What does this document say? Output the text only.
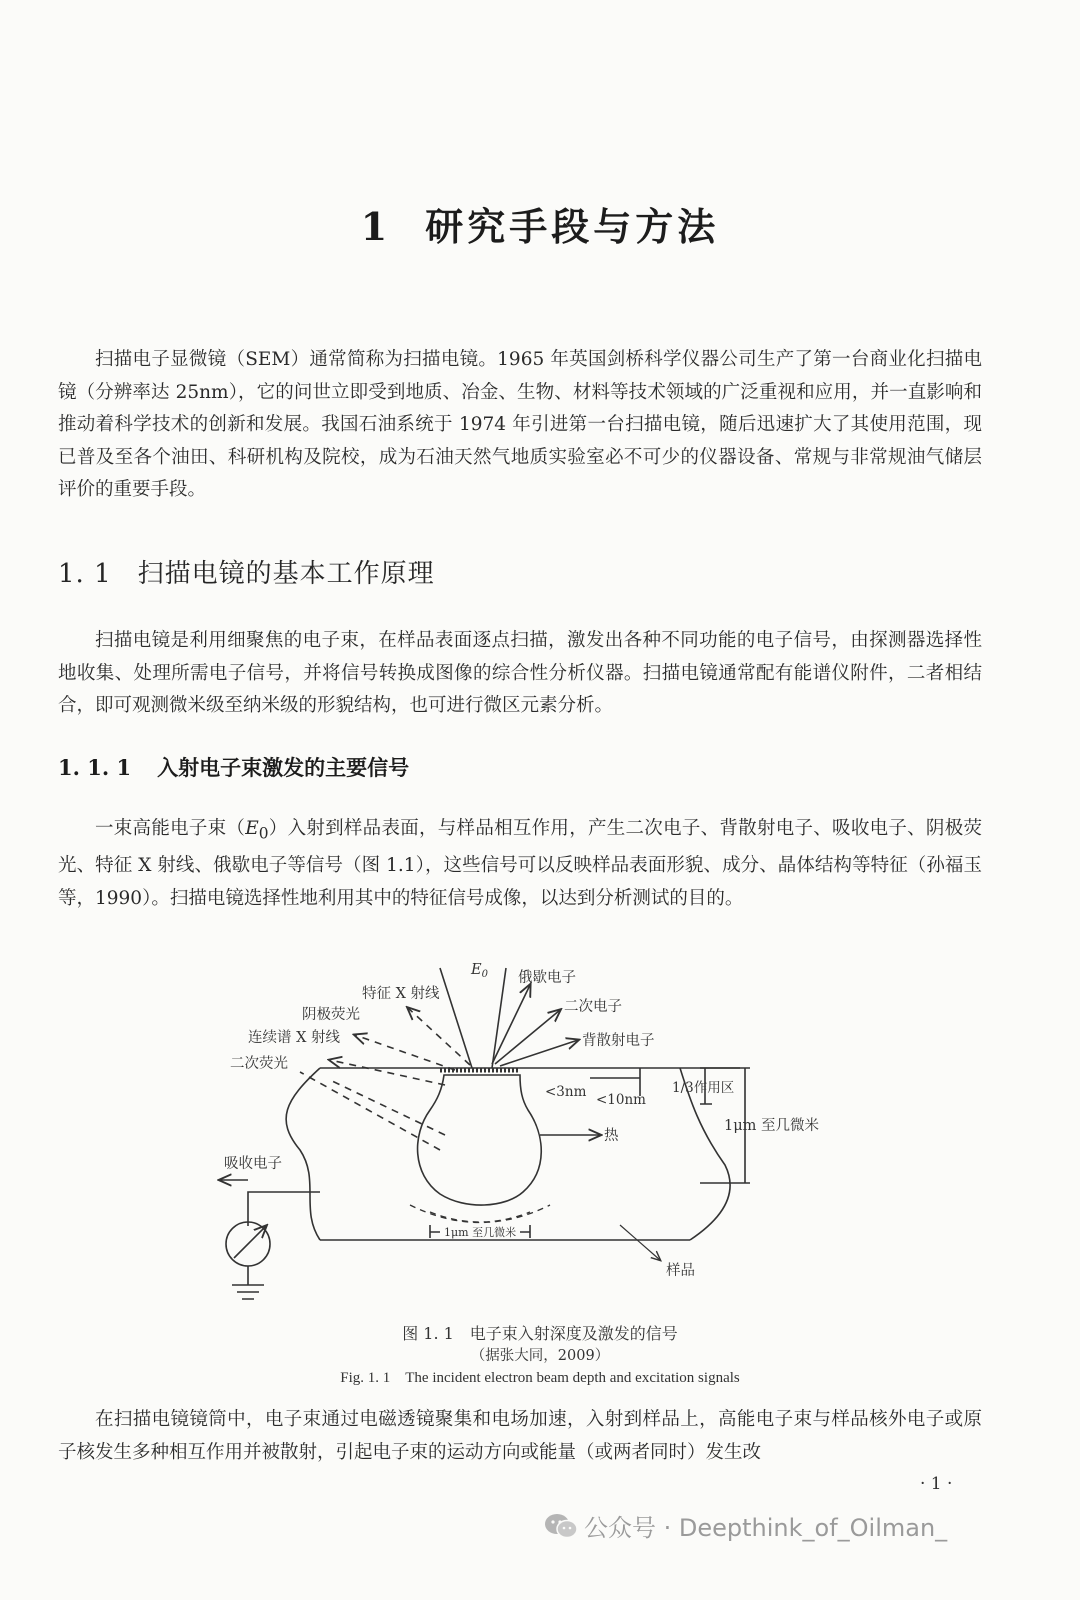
1 研究手段与方法

扫描电子显微镜（SEM）通常简称为扫描电镜。1965 年英国剑桥科学仪器公司生产了第一台商业化扫描电镜（分辨率达 25nm），它的问世立即受到地质、冶金、生物、材料等技术领域的广泛重视和应用，并一直影响和推动着科学技术的创新和发展。我国石油系统于 1974 年引进第一台扫描电镜，随后迅速扩大了其使用范围，现已普及至各个油田、科研机构及院校，成为石油天然气地质实验室必不可少的仪器设备、常规与非常规油气储层评价的重要手段。

1. 1 扫描电镜的基本工作原理

扫描电镜是利用细聚焦的电子束，在样品表面逐点扫描，激发出各种不同功能的电子信号，由探测器选择性地收集、处理所需电子信号，并将信号转换成图像的综合性分析仪器。扫描电镜通常配有能谱仪附件，二者相结合，即可观测微米级至纳米级的形貌结构，也可进行微区元素分析。

1. 1. 1 入射电子束激发的主要信号

一束高能电子束$(E_0)$入射到样品表面，与样品相互作用，产生二次电子、背散射电子、吸收电子、阴极荧光、特征 X 射线、俄歇电子等信号（图 1.1），这些信号可以反映样品表面形貌、成分、晶体结构等特征（孙福玉等，1990）。扫描电镜选择性地利用其中的特征信号成像，以达到分析测试的目的。

$E_0$ 俄歇电子
二次电子
背散射电子
特征 X 射线
阴极荧光
连续谱 X 射线
二次荧光
吸收电子
<3nm <10nm
1/3作用区
1μm 至几微米
热
1μm 至几微米
样品
图 1. 1　电子束入射深度及激发的信号
（据张大同，2009）
Fig. 1. 1　The incident electron beam depth and excitation signals

在扫描电镜镜筒中，电子束通过电磁透镜聚集和电场加速，入射到样品上，高能电子束与样品核外电子或原子核发生多种相互作用并被散射，引起电子束的运动方向或能量（或两者同时）发生改

· 1 ·
公众号 · Deepthink_of_Oilman_
